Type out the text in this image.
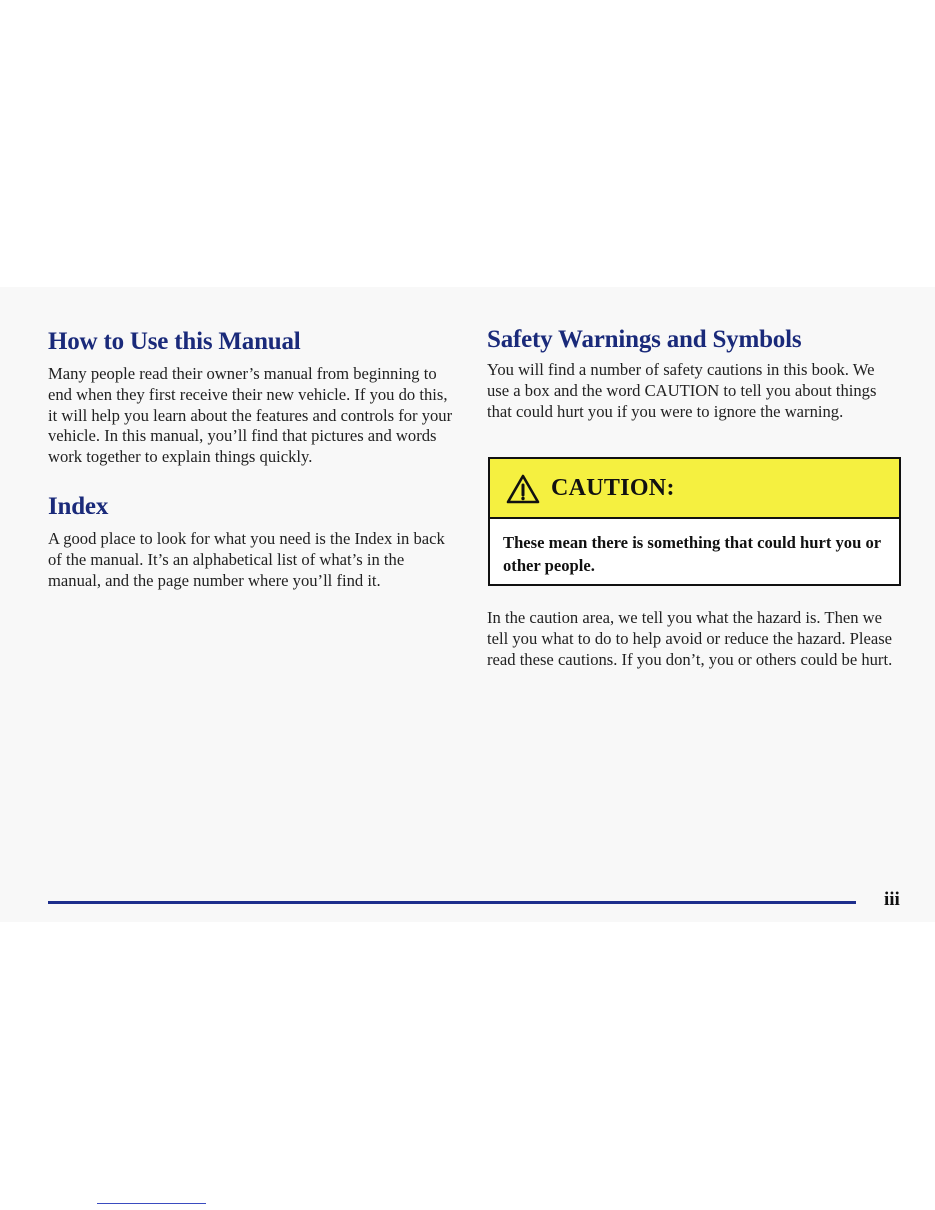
How to Use this Manual

Many people read their owner’s manual from beginning to end when they first receive their new vehicle. If you do this, it will help you learn about the features and controls for your vehicle. In this manual, you’ll find that pictures and words work together to explain things quickly.

Index

A good place to look for what you need is the Index in back of the manual. It’s an alphabetical list of what’s in the manual, and the page number where you’ll find it.

Safety Warnings and Symbols

You will find a number of safety cautions in this book. We use a box and the word CAUTION to tell you about things that could hurt you if you were to ignore the warning.

CAUTION:
These mean there is something that could hurt you or other people.

In the caution area, we tell you what the hazard is. Then we tell you what to do to help avoid or reduce the hazard. Please read these cautions. If you don’t, you or others could be hurt.

iii
